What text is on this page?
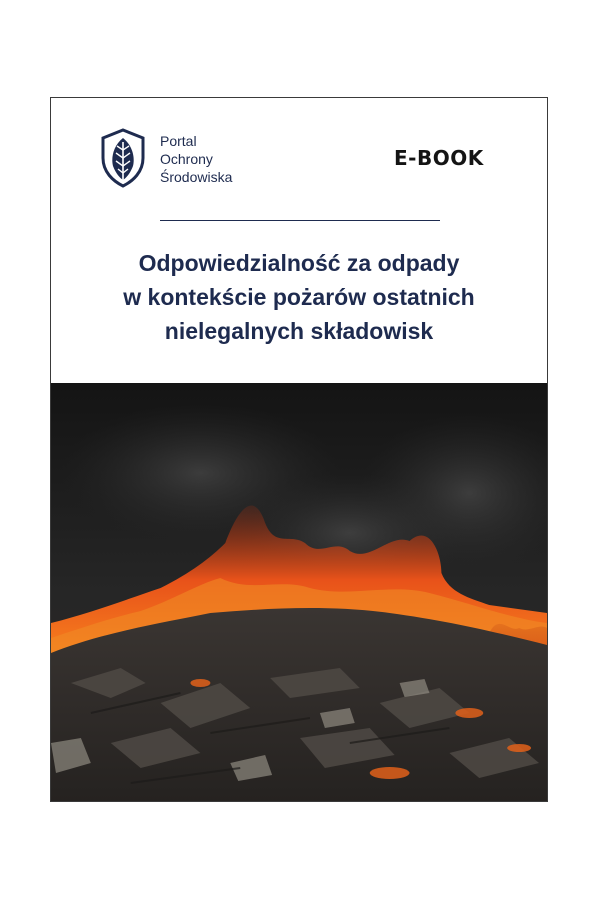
Portal
Ochrony
Środowiska
E-BOOK
Odpowiedzialność za odpady
w kontekście pożarów ostatnich
nielegalnych składowisk
